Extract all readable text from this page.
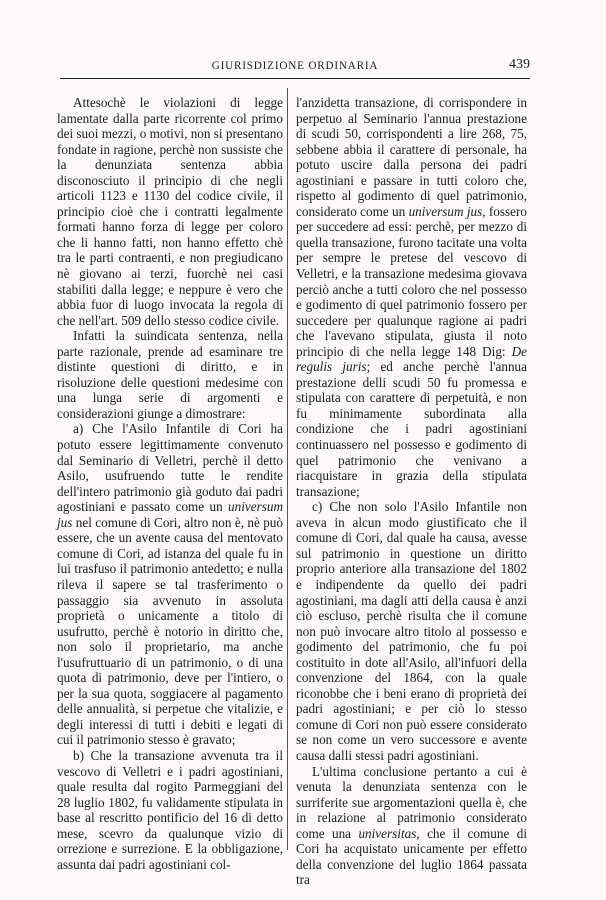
GIURISDIZIONE ORDINARIA	439

Attesochè le violazioni di legge lamentate dalla parte ricorrente col primo dei suoi mezzi, o motivi, non si presentano fondate in ragione, perchè non sussiste che la denunziata sentenza abbia disconosciuto il principio di che negli articoli 1123 e 1130 del codice civile, il principio cioè che i contratti legalmente formati hanno forza di legge per coloro che li hanno fatti, non hanno effetto chè tra le parti contraenti, e non pregiudicano nè giovano ai terzi, fuorchè nei casi stabiliti dalla legge; e neppure è vero che abbia fuor di luogo invocata la regola di che nell'art. 509 dello stesso codice civile.

Infatti la suindicata sentenza, nella parte razionale, prende ad esaminare tre distinte questioni di diritto, e in risoluzione delle questioni medesime con una lunga serie di argomenti e considerazioni giunge a dimostrare:

a) Che l'Asilo Infantile di Cori ha potuto essere legittimamente convenuto dal Seminario di Velletri, perchè il detto Asilo, usufruendo tutte le rendite dell'intero patrimonio già goduto dai padri agostiniani e passato come un universum jus nel comune di Cori, altro non è, nè può essere, che un avente causa del mentovato comune di Cori, ad istanza del quale fu in lui trasfuso il patrimonio antedetto; e nulla rileva il sapere se tal trasferimento o passaggio sia avvenuto in assoluta proprietà o unicamente a titolo di usufrutto, perchè è notorio in diritto che, non solo il proprietario, ma anche l'usufruttuario di un patrimonio, o di una quota di patrimonio, deve per l'intiero, o per la sua quota, soggiacere al pagamento delle annualità, si perpetue che vitalizie, e degli interessi di tutti i debiti e legati di cui il patrimonio stesso è gravato;

b) Che la transazione avvenuta tra il vescovo di Velletri e i padri agostiniani, quale resulta dal rogito Parmeggiani del 28 luglio 1802, fu validamente stipulata in base al rescritto pontificio del 16 di detto mese, scevro da qualunque vizio di orrezione e surrezione. E la obbligazione, assunta dai padri agostiniani col-

l'anzidetta transazione, di corrispondere in perpetuo al Seminario l'annua prestazione di scudi 50, corrispondenti a lire 268, 75, sebbene abbia il carattere di personale, ha potuto uscire dalla persona dei padri agostiniani e passare in tutti coloro che, rispetto al godimento di quel patrimonio, considerato come un universum jus, fossero per succedere ad essi: perchè, per mezzo di quella transazione, furono tacitate una volta per sempre le pretese del vescovo di Velletri, e la transazione medesima giovava perciò anche a tutti coloro che nel possesso e godimento di quel patrimonio fossero per succedere per qualunque ragione ai padri che l'avevano stipulata, giusta il noto principio di che nella legge 148 Dig: De regulis juris; ed anche perchè l'annua prestazione delli scudi 50 fu promessa e stipulata con carattere di perpetuità, e non fu minimamente subordinata alla condizione che i padri agostiniani continuassero nel possesso e godimento di quel patrimonio che venivano a riacquistare in grazia della stipulata transazione;

c) Che non solo l'Asilo Infantile non aveva in alcun modo giustificato che il comune di Cori, dal quale ha causa, avesse sul patrimonio in questione un diritto proprio anteriore alla transazione del 1802 e indipendente da quello dei padri agostiniani, ma dagli atti della causa è anzi ciò escluso, perchè risulta che il comune non può invocare altro titolo al possesso e godimento del patrimonio, che fu poi costituito in dote all'Asilo, all'infuori della convenzione del 1864, con la quale riconobbe che i beni erano di proprietà dei padri agostiniani; e per ciò lo stesso comune di Cori non può essere considerato se non come un vero successore e avente causa dalli stessi padri agostiniani.

L'ultima conclusione pertanto a cui è venuta la denunziata sentenza con le surriferite sue argomentazioni quella è, che in relazione al patrimonio considerato come una universitas, che il comune di Cori ha acquistato unicamente per effetto della convenzione del luglio 1864 passata tra
